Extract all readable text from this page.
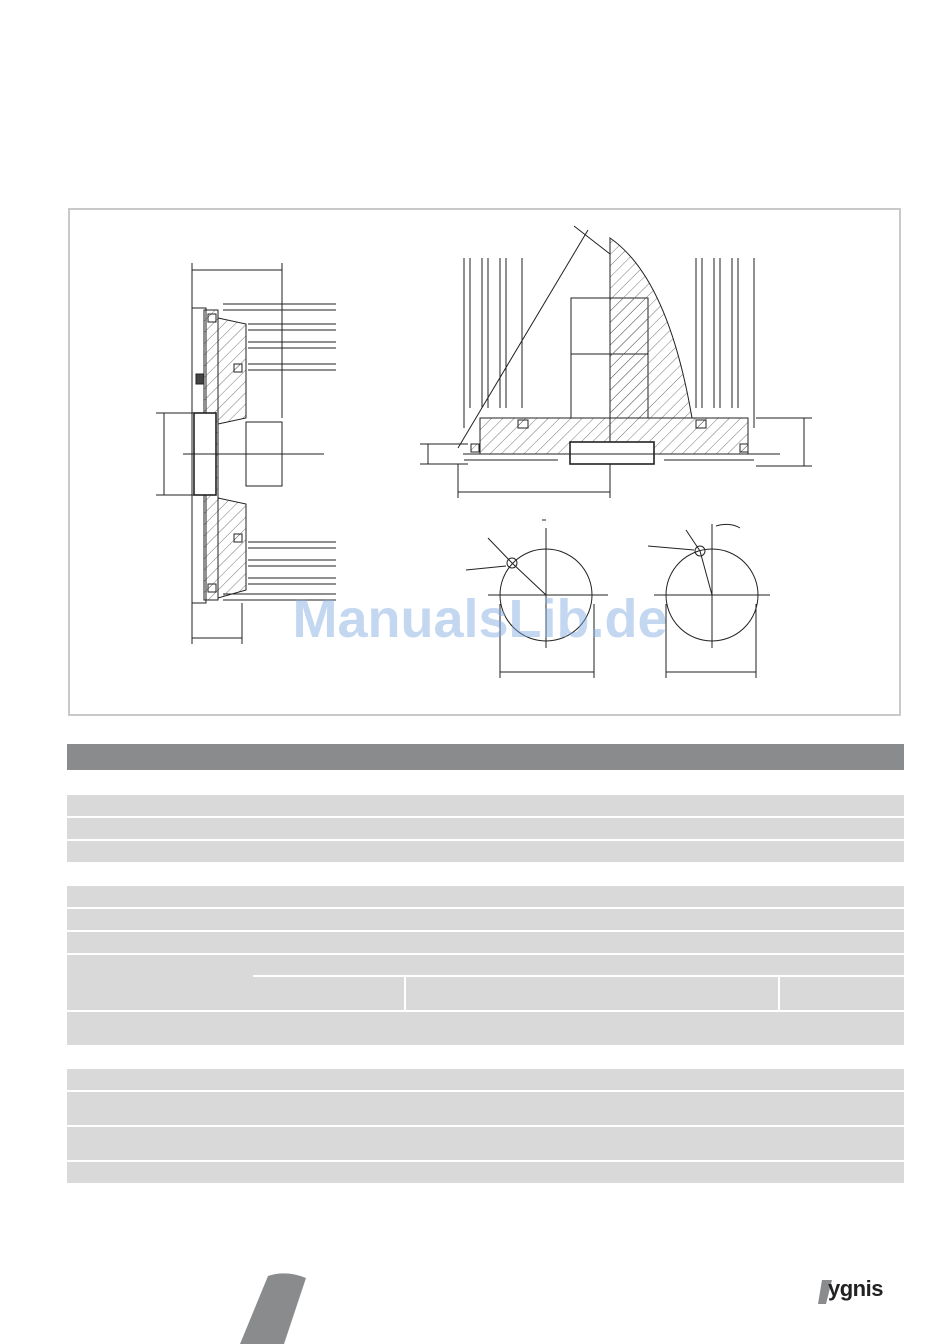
ManualsLib.de
ygnis
